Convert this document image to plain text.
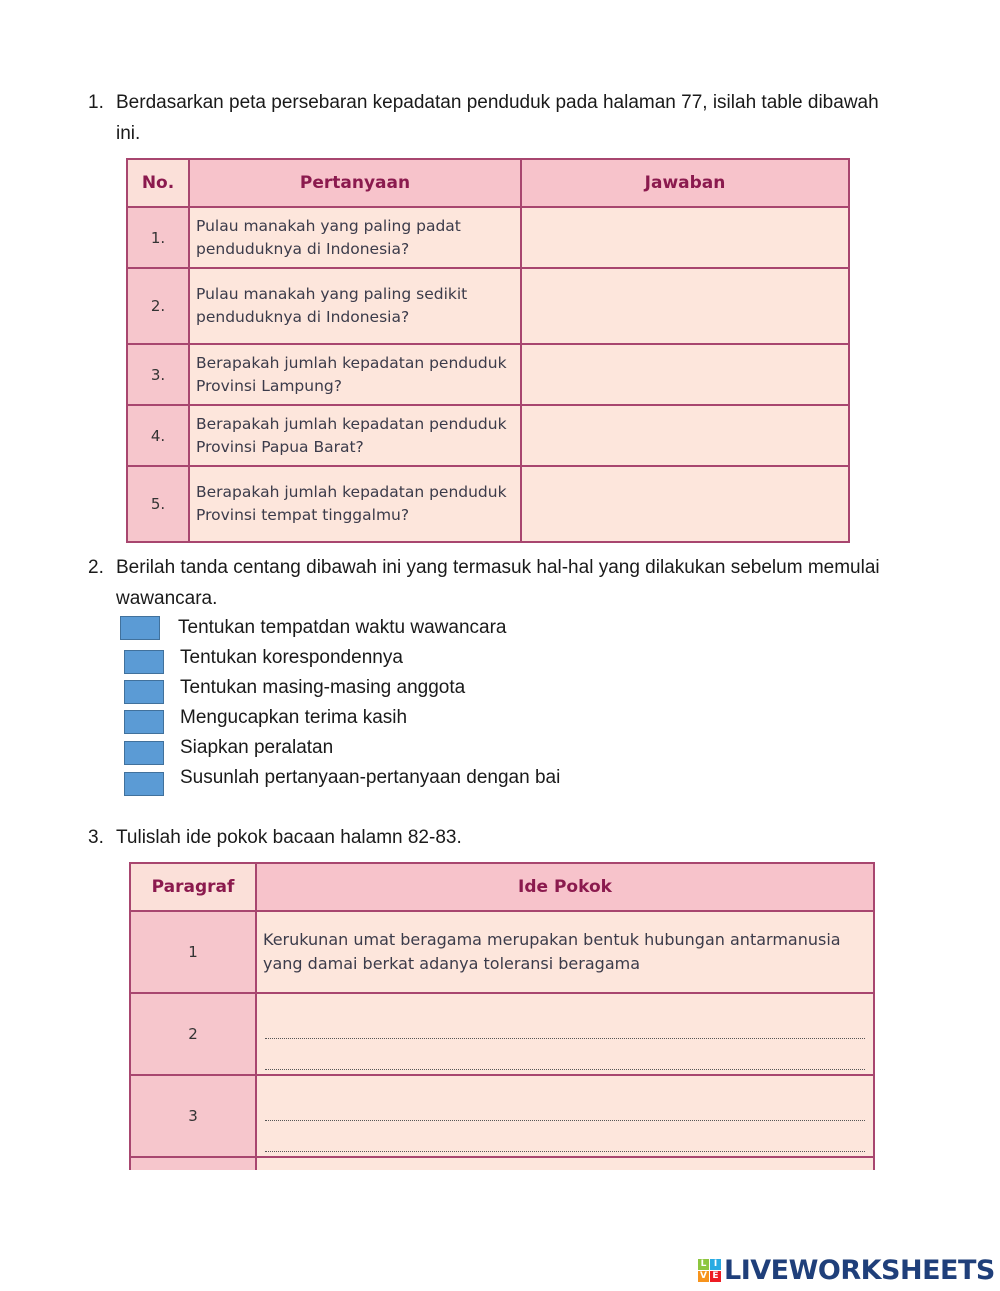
1. Berdasarkan peta persebaran kepadatan penduduk pada halaman 77, isilah table dibawah ini.
No.	Pertanyaan	Jawaban
1.	Pulau manakah yang paling padat penduduknya di Indonesia?	
2.	Pulau manakah yang paling sedikit penduduknya di Indonesia?	
3.	Berapakah jumlah kepadatan penduduk Provinsi Lampung?	
4.	Berapakah jumlah kepadatan penduduk Provinsi Papua Barat?	
5.	Berapakah jumlah kepadatan penduduk Provinsi tempat tinggalmu?	
2. Berilah tanda centang dibawah ini yang termasuk hal-hal yang dilakukan sebelum memulai wawancara.
Tentukan tempatdan waktu wawancara
Tentukan korespondennya
Tentukan masing-masing anggota
Mengucapkan terima kasih
Siapkan peralatan
Susunlah pertanyaan-pertanyaan dengan bai
3. Tulislah ide pokok bacaan halamn 82-83.
Paragraf	Ide Pokok
1	Kerukunan umat beragama merupakan bentuk hubungan antarmanusia yang damai berkat adanya toleransi beragama
2	

3	

L I
V E LIVEWORKSHEETS
